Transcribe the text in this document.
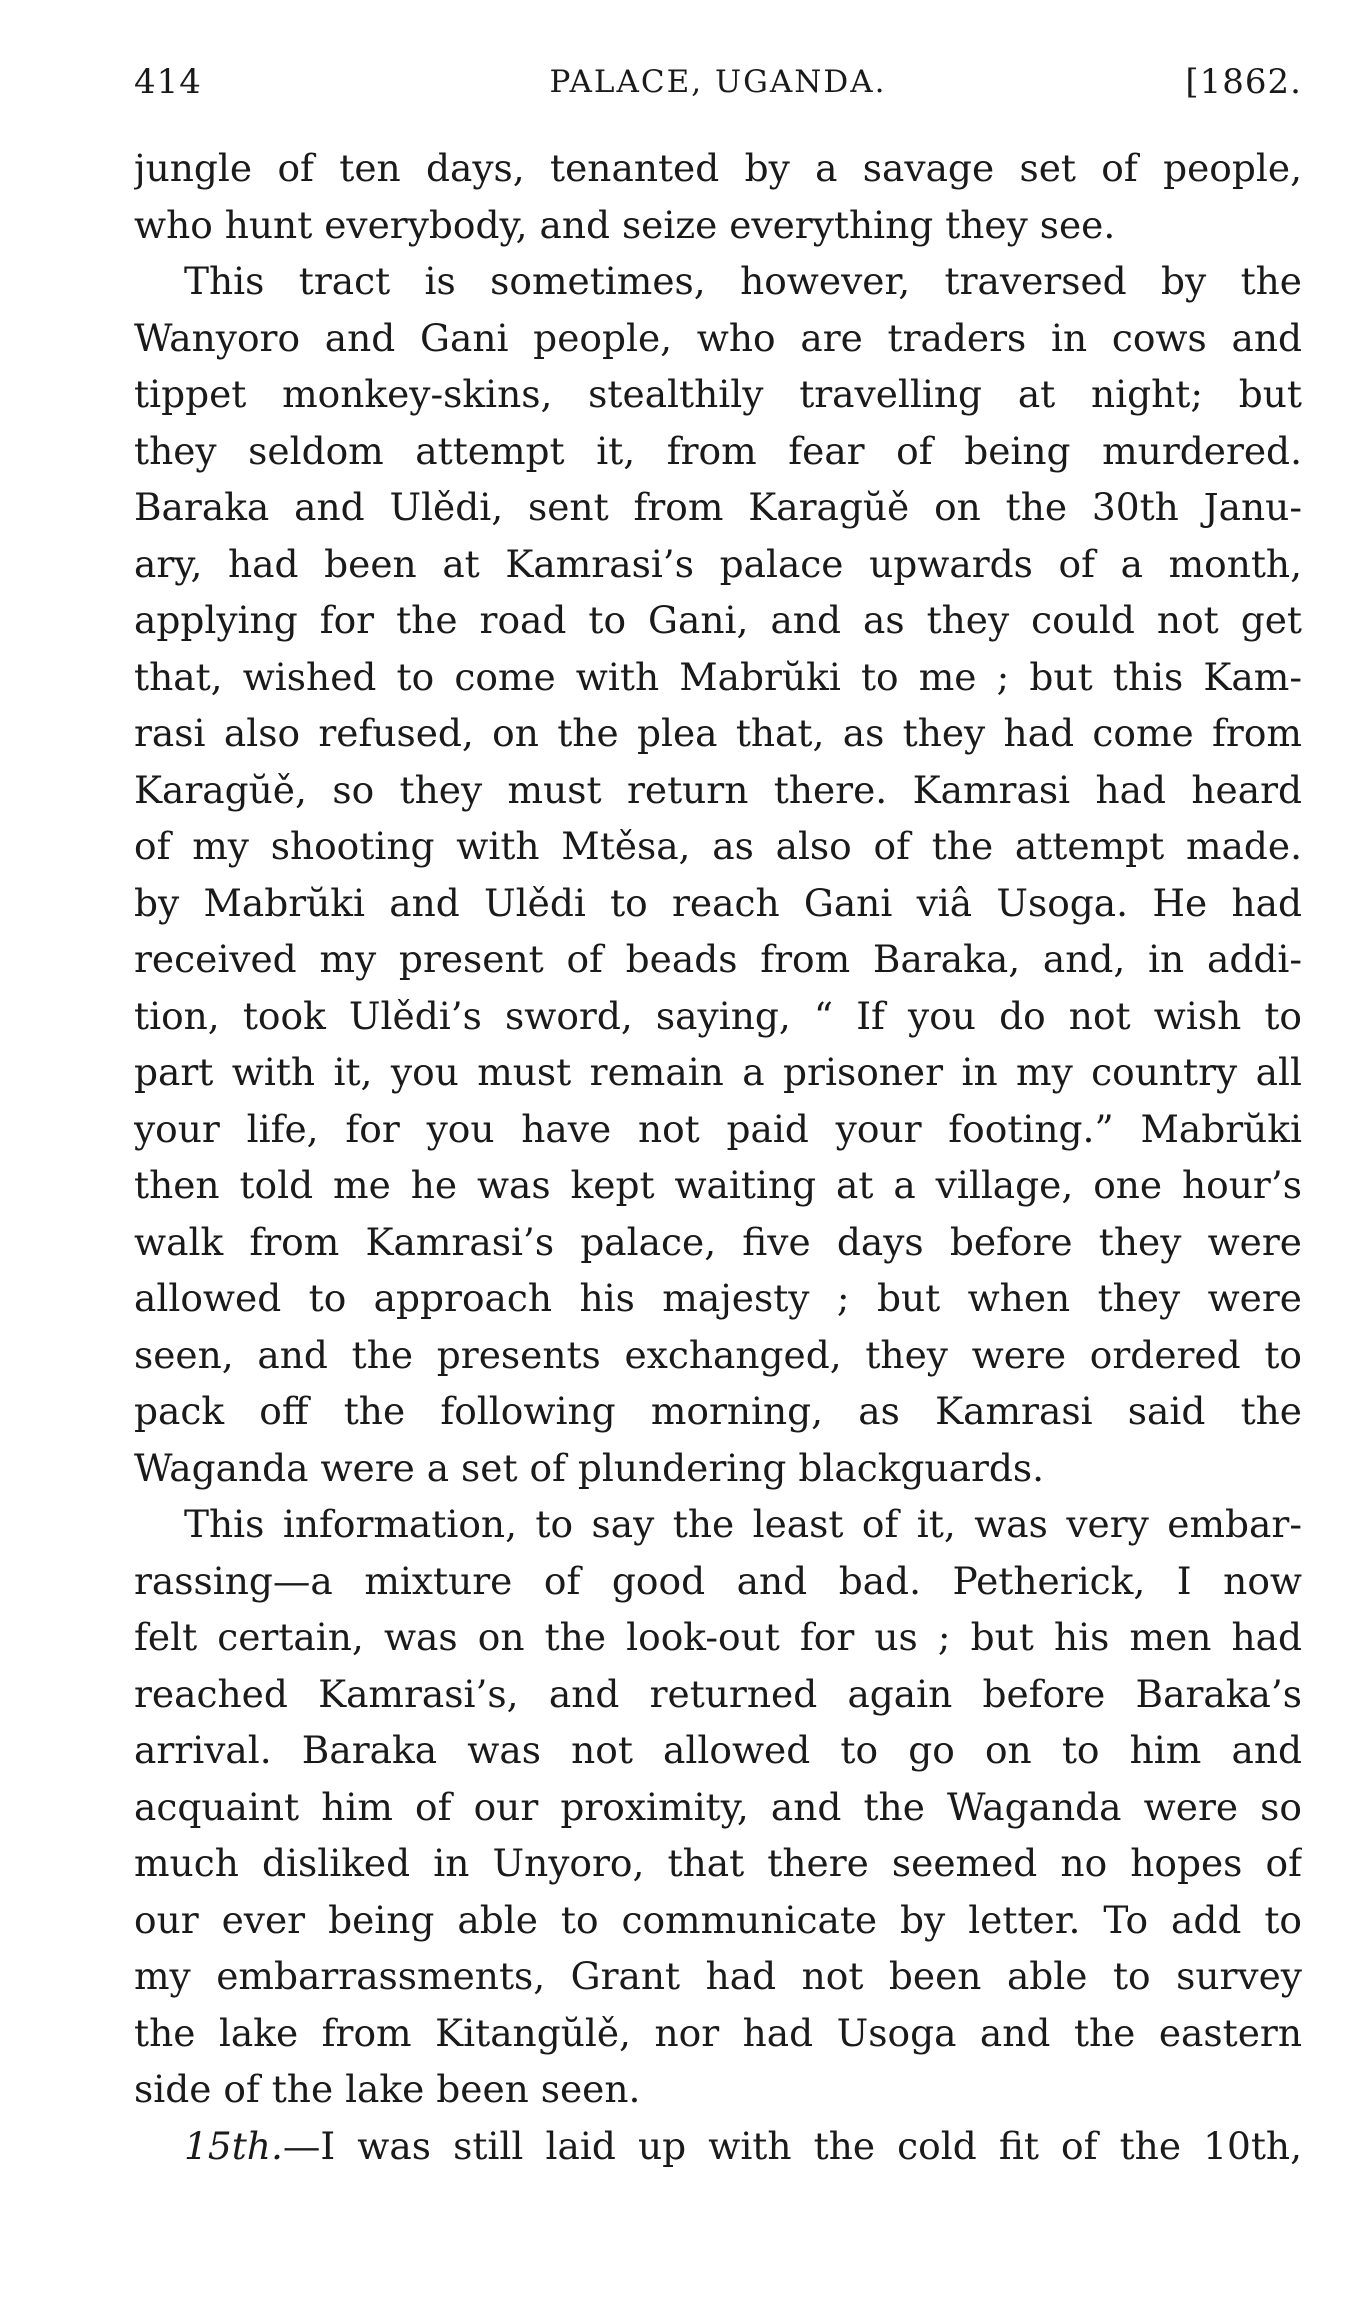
414	PALACE, UGANDA.	[1862.
jungle of ten days, tenanted by a savage set of people,
who hunt everybody, and seize everything they see.
This tract is sometimes, however, traversed by the
Wanyoro and Gani people, who are traders in cows and
tippet monkey-skins, stealthily travelling at night; but
they seldom attempt it, from fear of being murdered.
Baraka and Ulědi, sent from Karagŭě on the 30th Janu-
ary, had been at Kamrasi’s palace upwards of a month,
applying for the road to Gani, and as they could not get
that, wished to come with Mabrŭki to me ; but this Kam-
rasi also refused, on the plea that, as they had come from
Karagŭě, so they must return there. Kamrasi had heard
of my shooting with Mtěsa, as also of the attempt made.
by Mabrŭki and Ulědi to reach Gani viâ Usoga. He had
received my present of beads from Baraka, and, in addi-
tion, took Ulědi’s sword, saying, “ If you do not wish to
part with it, you must remain a prisoner in my country all
your life, for you have not paid your footing.” Mabrŭki
then told me he was kept waiting at a village, one hour’s
walk from Kamrasi’s palace, five days before they were
allowed to approach his majesty ; but when they were
seen, and the presents exchanged, they were ordered to
pack off the following morning, as Kamrasi said the
Waganda were a set of plundering blackguards.
This information, to say the least of it, was very embar-
rassing—a mixture of good and bad. Petherick, I now
felt certain, was on the look-out for us ; but his men had
reached Kamrasi’s, and returned again before Baraka’s
arrival. Baraka was not allowed to go on to him and
acquaint him of our proximity, and the Waganda were so
much disliked in Unyoro, that there seemed no hopes of
our ever being able to communicate by letter. To add to
my embarrassments, Grant had not been able to survey
the lake from Kitangŭlě, nor had Usoga and the eastern
side of the lake been seen.
15th.—I was still laid up with the cold fit of the 10th,
